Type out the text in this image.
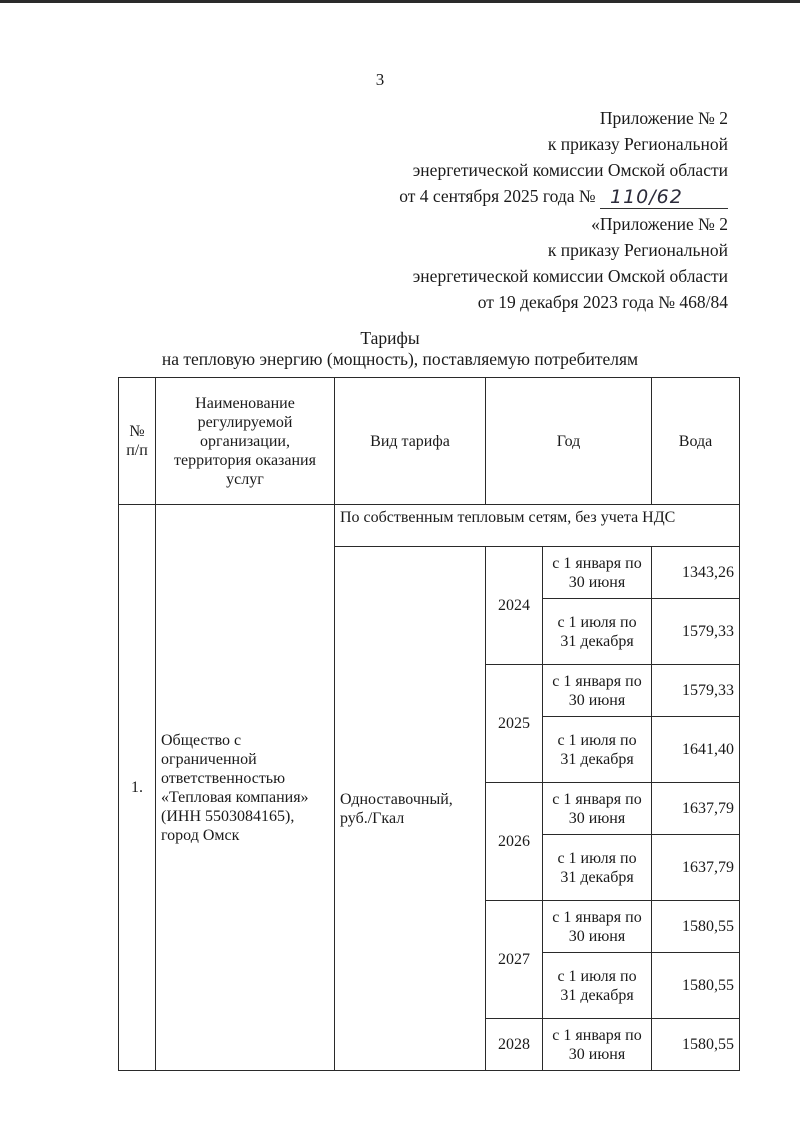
3
Приложение № 2
к приказу Региональной
энергетической комиссии Омской области
от 4 сентября 2025 года № 110/62
«Приложение № 2
к приказу Региональной
энергетической комиссии Омской области
от 19 декабря 2023 года № 468/84
Тарифы
на тепловую энергию (мощность), поставляемую потребителям
№ п/п	Наименование регулируемой организации, территория оказания услуг	Вид тарифа	Год		Вода
1.	Общество с ограниченной ответственностью «Тепловая компания» (ИНН 5503084165), город Омск	По собственным тепловым сетям, без учета НДС			
		Одноставочный, руб./Гкал	2024	с 1 января по 30 июня	1343,26
				с 1 июля по 31 декабря	1579,33
			2025	с 1 января по 30 июня	1579,33
				с 1 июля по 31 декабря	1641,40
			2026	с 1 января по 30 июня	1637,79
				с 1 июля по 31 декабря	1637,79
			2027	с 1 января по 30 июня	1580,55
				с 1 июля по 31 декабря	1580,55
			2028	с 1 января по 30 июня	1580,55
